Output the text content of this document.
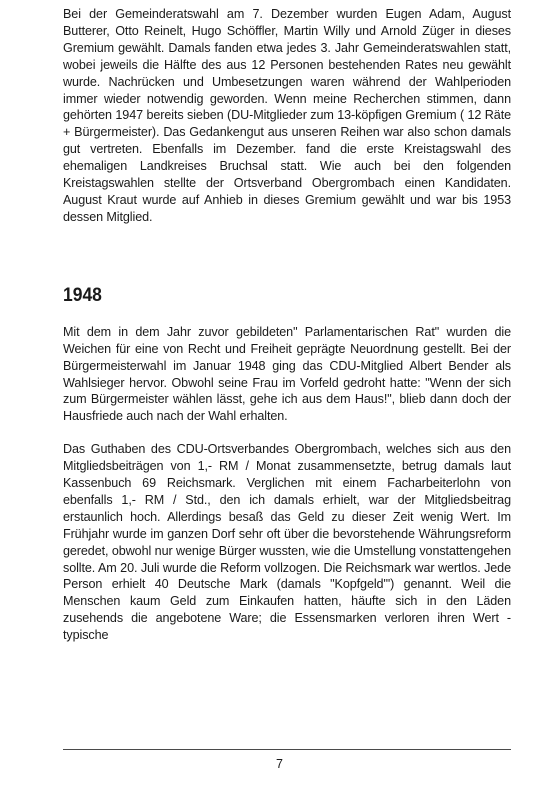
Bei der Gemeinderatswahl am 7. Dezember wurden Eugen Adam, August Butterer, Otto Reinelt, Hugo Schöffler, Martin Willy und Arnold Züger in dieses Gremium gewählt. Damals fanden etwa jedes 3. Jahr Gemeinderatswahlen statt, wobei jeweils die Hälfte des aus 12 Personen bestehenden Rates neu gewählt wurde. Nachrücken und Umbesetzungen waren während der Wahlperioden immer wieder notwendig geworden. Wenn meine Recherchen stimmen, dann gehörten 1947 bereits sieben (DU-Mitglieder zum 13-köpfigen Gremium ( 12 Räte + Bürgermeister). Das Gedankengut aus unseren Reihen war also schon damals gut vertreten. Ebenfalls im Dezember. fand die erste Kreistagswahl des ehemaligen Landkreises Bruchsal statt. Wie auch bei den folgenden Kreistagswahlen stellte der Ortsverband Obergrombach einen Kandidaten. August Kraut wurde auf Anhieb in dieses Gremium gewählt und war bis 1953 dessen Mitglied.

1948

Mit dem in dem Jahr zuvor gebildeten" Parlamentarischen Rat" wurden die Weichen für eine von Recht und Freiheit geprägte Neuordnung gestellt. Bei der Bürgermeisterwahl im Januar 1948 ging das CDU-Mitglied Albert Bender als Wahlsieger hervor. Obwohl seine Frau im Vorfeld gedroht hatte: "Wenn der sich zum Bürgermeister wählen lässt, gehe ich aus dem Haus!", blieb dann doch der Hausfriede auch nach der Wahl erhalten.

Das Guthaben des CDU-Ortsverbandes Obergrombach, welches sich aus den Mitgliedsbeiträgen von 1,- RM / Monat zusammensetzte, betrug damals laut Kassenbuch 69 Reichsmark. Verglichen mit einem Facharbeiterlohn von ebenfalls 1,- RM / Std., den ich damals erhielt, war der Mitgliedsbeitrag erstaunlich hoch. Allerdings besaß das Geld zu dieser Zeit wenig Wert. Im Frühjahr wurde im ganzen Dorf sehr oft über die bevorstehende Währungsreform geredet, obwohl nur wenige Bürger wussten, wie die Umstellung vonstattengehen sollte. Am 20. Juli wurde die Reform vollzogen. Die Reichsmark war wertlos. Jede Person erhielt 40 Deutsche Mark (damals "Kopfgeld"') genannt. Weil die Menschen kaum Geld zum Einkaufen hatten, häufte sich in den Läden zusehends die angebotene Ware; die Essensmarken verloren ihren Wert - typische

7
